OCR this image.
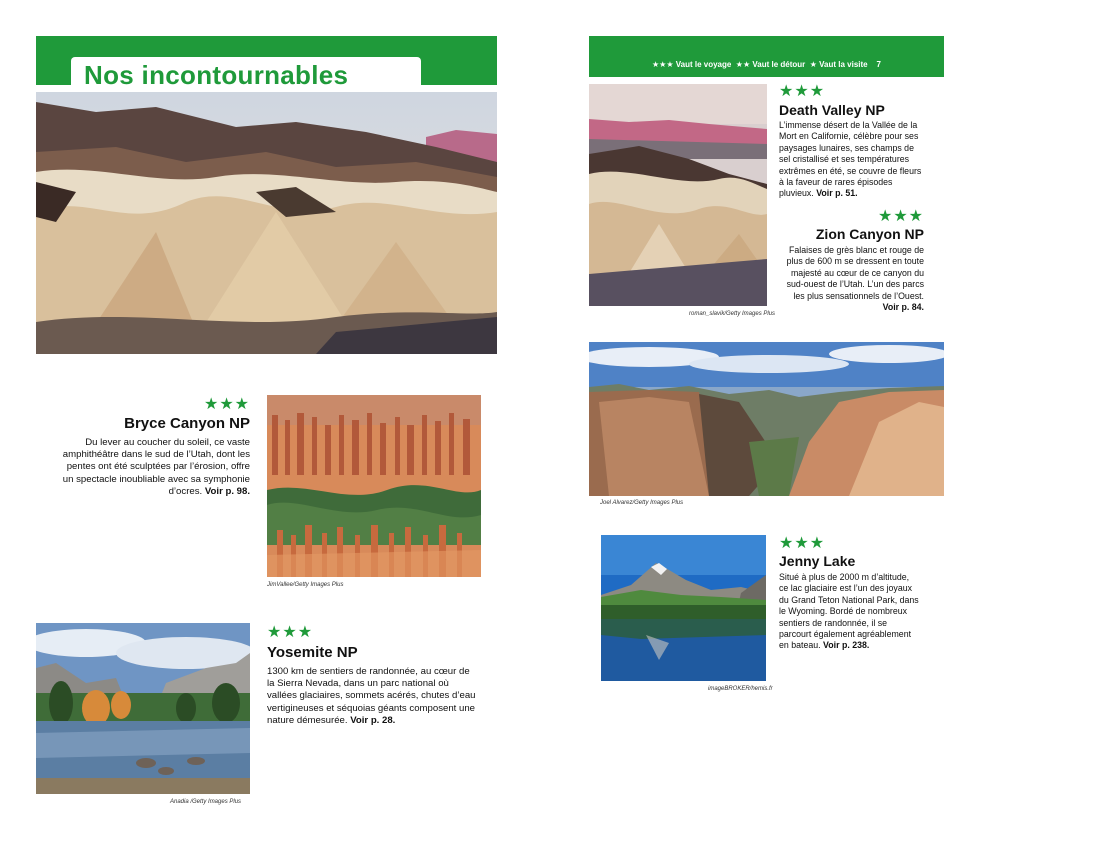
Nos incontournables
★★★
Bryce Canyon NP
Du lever au coucher du soleil, ce vaste amphithéâtre dans le sud de l’Utah, dont les pentes ont été sculptées par l’érosion, offre un spectacle inoubliable avec sa symphonie d’ocres. Voir p. 98.
JimVallee/Getty Images Plus
Anadia /Getty Images Plus
★★★
Yosemite NP
1300 km de sentiers de randonnée, au cœur de la Sierra Nevada, dans un parc national où vallées glaciaires, sommets acérés, chutes d’eau vertigineuses et séquoias géants composent une nature démesurée. Voir p. 28.
★★★ Vaut le voyage ★★ Vaut le détour ★ Vaut la visite 7
roman_slavik/Getty Images Plus
★★★
Death Valley NP
L’immense désert de la Vallée de la Mort en Californie, célèbre pour ses paysages lunaires, ses champs de sel cristallisé et ses températures extrêmes en été, se couvre de fleurs à la faveur de rares épisodes pluvieux. Voir p. 51.
★★★
Zion Canyon NP
Falaises de grès blanc et rouge de plus de 600 m se dressent en toute majesté au cœur de ce canyon du sud-ouest de l’Utah. L’un des parcs les plus sensationnels de l’Ouest. Voir p. 84.
Joel Alvarez/Getty Images Plus
imageBROKER/hemis.fr
★★★
Jenny Lake
Situé à plus de 2000 m d’altitude, ce lac glaciaire est l’un des joyaux du Grand Teton National Park, dans le Wyoming. Bordé de nombreux sentiers de randonnée, il se parcourt également agréablement en bateau. Voir p. 238.
